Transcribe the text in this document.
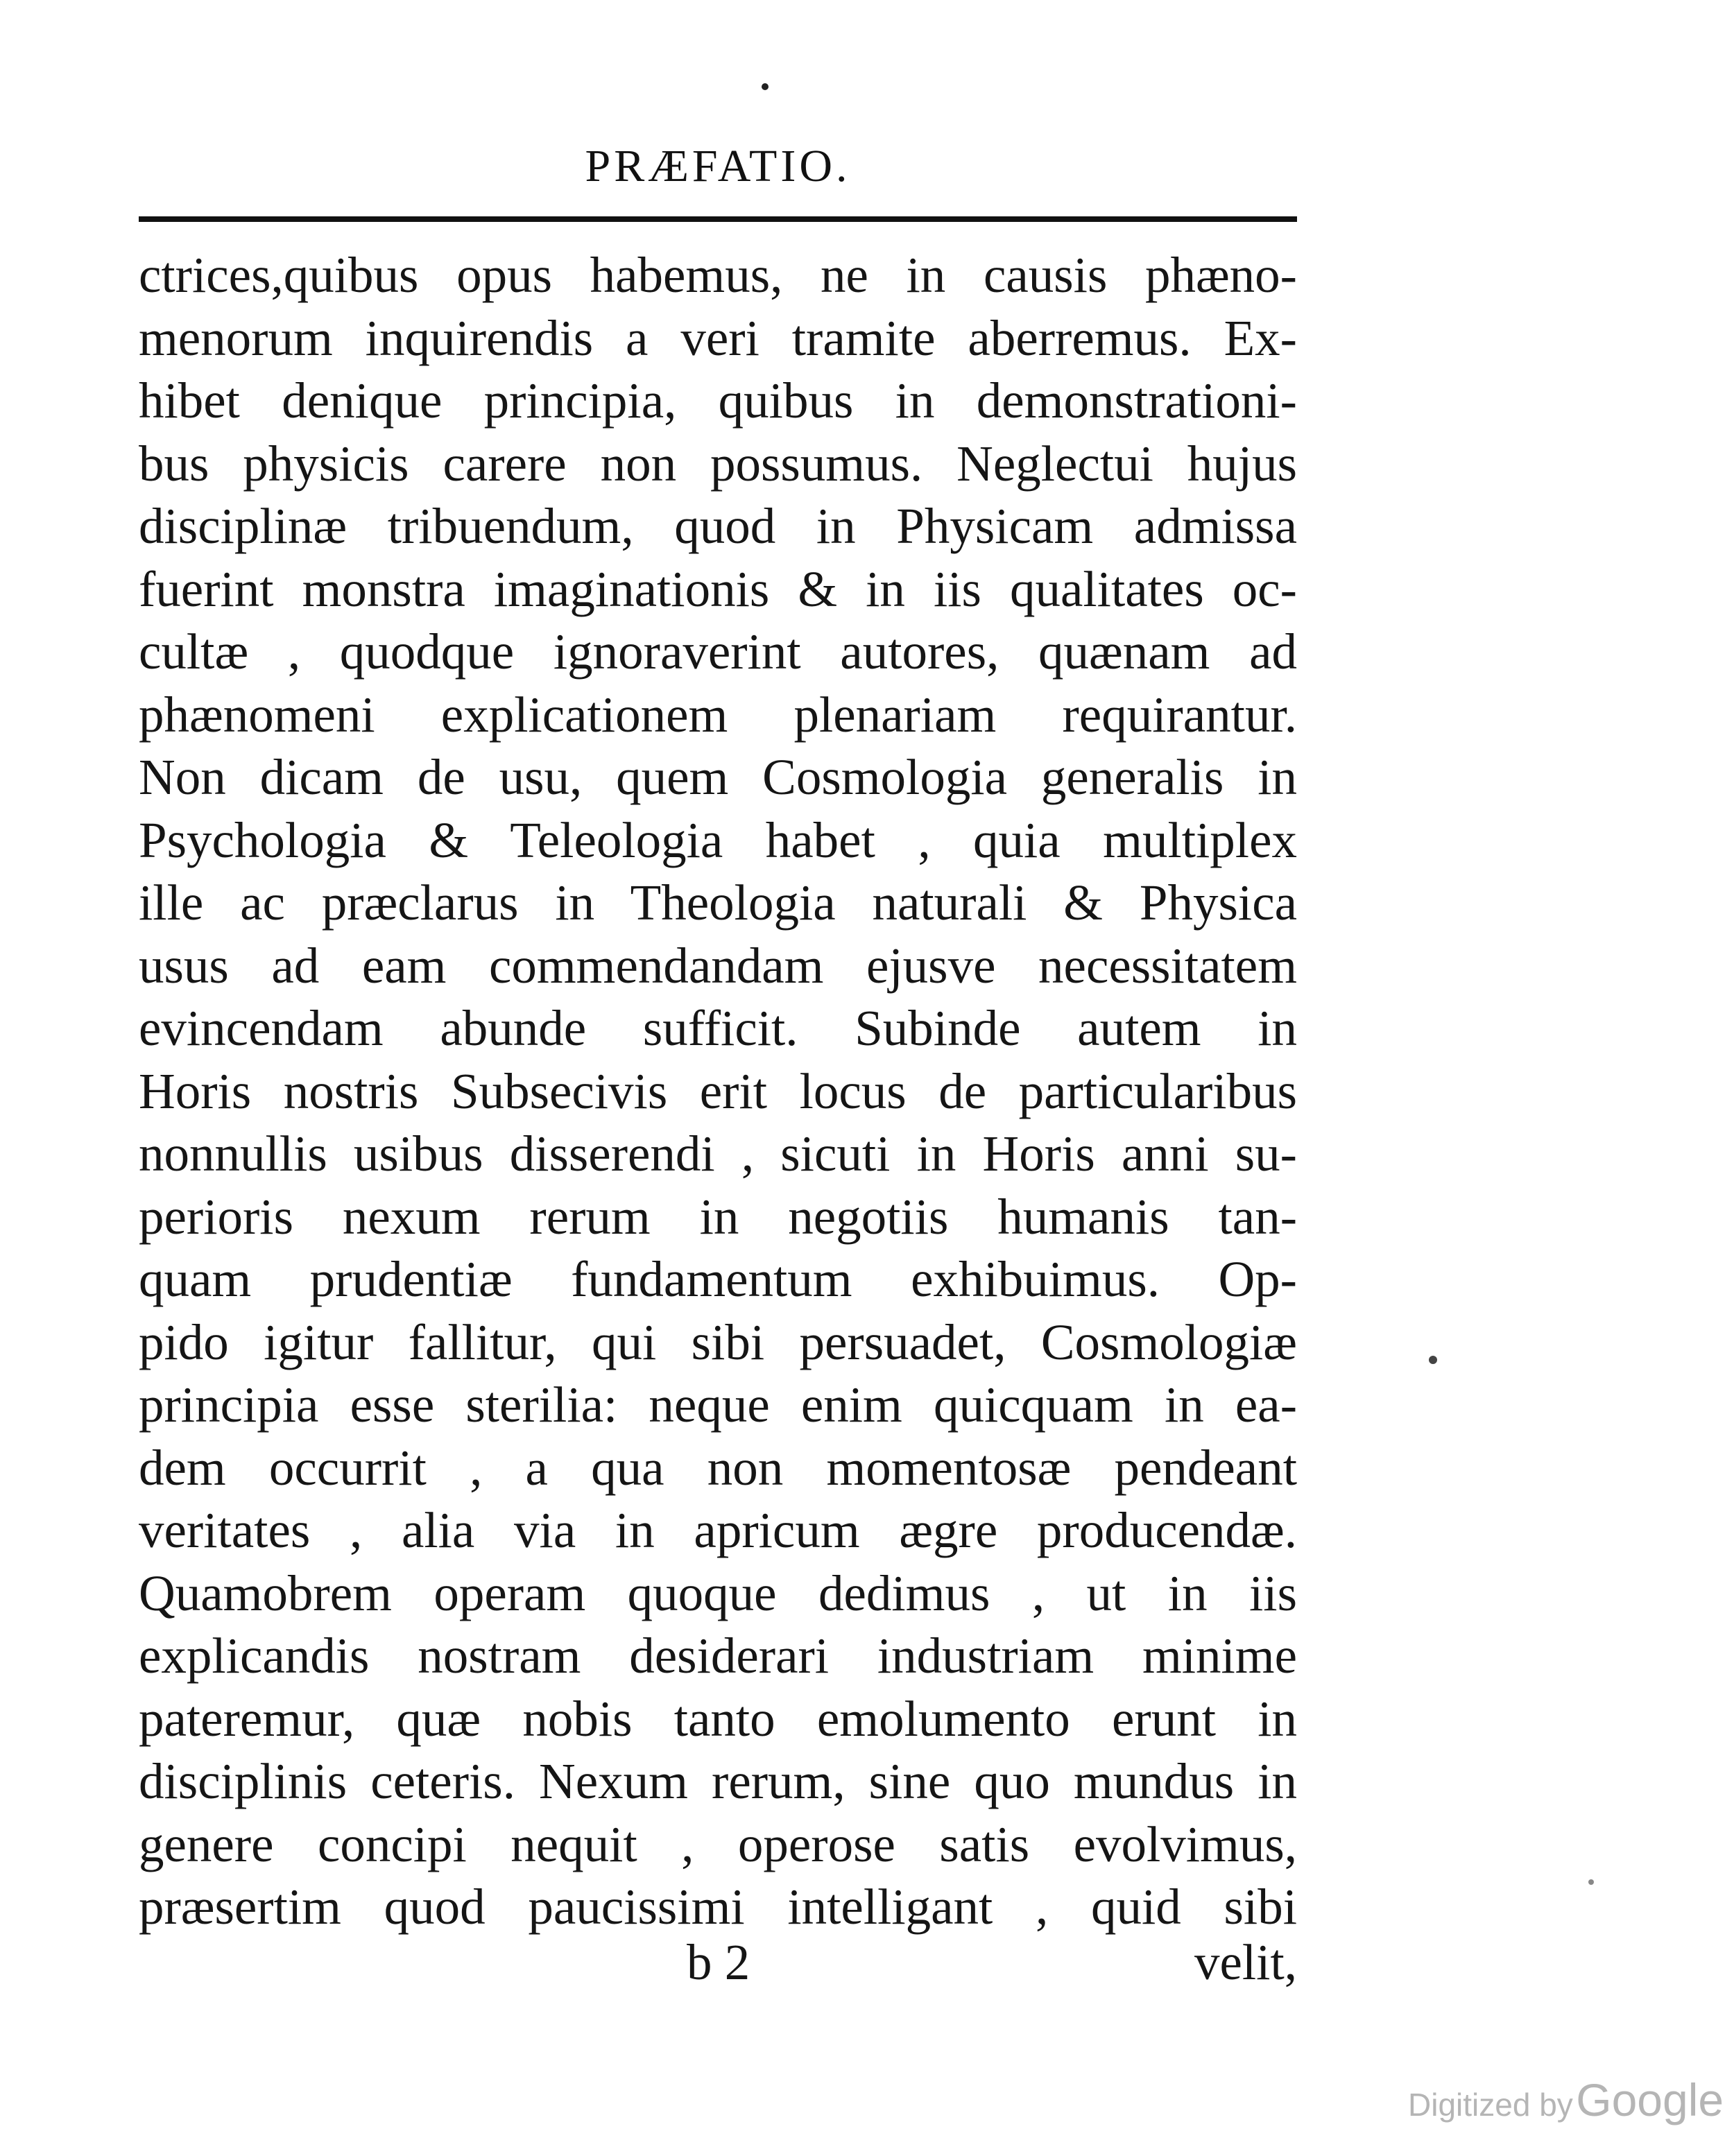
PRÆFATIO.
ctrices,quibus opus habemus, ne in causis phæno-
menorum inquirendis a veri tramite aberremus. Ex-
hibet denique principia, quibus in demonstrationi-
bus physicis carere non possumus. Neglectui hujus
disciplinæ tribuendum, quod in Physicam admissa
fuerint monstra imaginationis & in iis qualitates oc-
cultæ , quodque ignoraverint autores, quænam ad
phænomeni explicationem plenariam requirantur.
Non dicam de usu, quem Cosmologia generalis in
Psychologia & Teleologia habet , quia multiplex
ille ac præclarus in Theologia naturali & Physica
usus ad eam commendandam ejusve necessitatem
evincendam abunde sufficit. Subinde autem in
Horis nostris Subsecivis erit locus de particularibus
nonnullis usibus disserendi , sicuti in Horis anni su-
perioris nexum rerum in negotiis humanis tan-
quam prudentiæ fundamentum exhibuimus. Op-
pido igitur fallitur, qui sibi persuadet, Cosmologiæ
principia esse sterilia: neque enim quicquam in ea-
dem occurrit , a qua non momentosæ pendeant
veritates , alia via in apricum ægre producendæ.
Quamobrem operam quoque dedimus , ut in iis
explicandis nostram desiderari industriam minime
pateremur, quæ nobis tanto emolumento erunt in
disciplinis ceteris. Nexum rerum, sine quo mundus in
genere concipi nequit , operose satis evolvimus,
præsertim quod paucissimi intelligant , quid sibi
b 2	velit,
Digitized by Google
